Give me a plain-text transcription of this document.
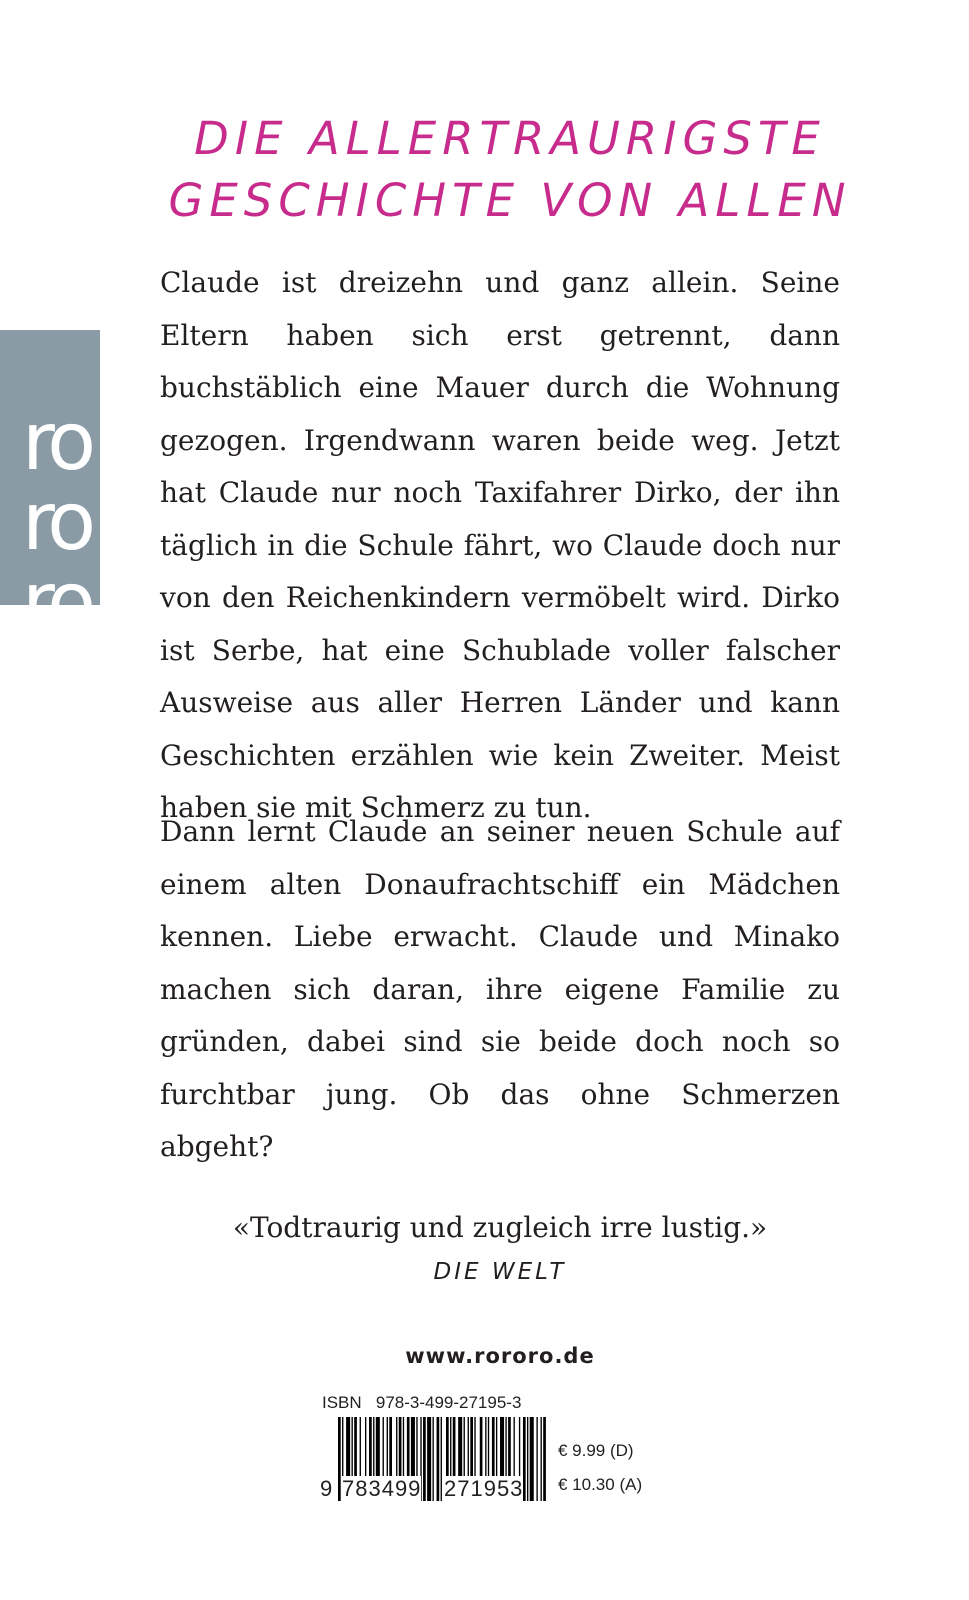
ro
ro
ro
DIE ALLERTRAURIGSTE
GESCHICHTE VON ALLEN

Claude ist dreizehn und ganz allein. Seine Eltern haben sich erst getrennt, dann buchstäblich eine Mauer durch die Wohnung gezogen. Irgendwann waren beide weg. Jetzt hat Claude nur noch Taxifahrer Dirko, der ihn täglich in die Schule fährt, wo Claude doch nur von den Reichenkindern vermöbelt wird. Dirko ist Serbe, hat eine Schublade voller falscher Ausweise aus aller Herren Länder und kann Geschichten erzählen wie kein Zweiter. Meist haben sie mit Schmerz zu tun.

Dann lernt Claude an seiner neuen Schule auf einem alten Donaufrachtschiff ein Mädchen kennen. Liebe erwacht. Claude und Minako machen sich daran, ihre eigene Familie zu gründen, dabei sind sie beide doch noch so furchtbar jung. Ob das ohne Schmerzen abgeht?

«Todtraurig und zugleich irre lustig.»

DIE WELT

www.rororo.de

ISBN 978-3-499-27195-3

9 783499 271953

€ 9.99 (D)

€ 10.30 (A)
